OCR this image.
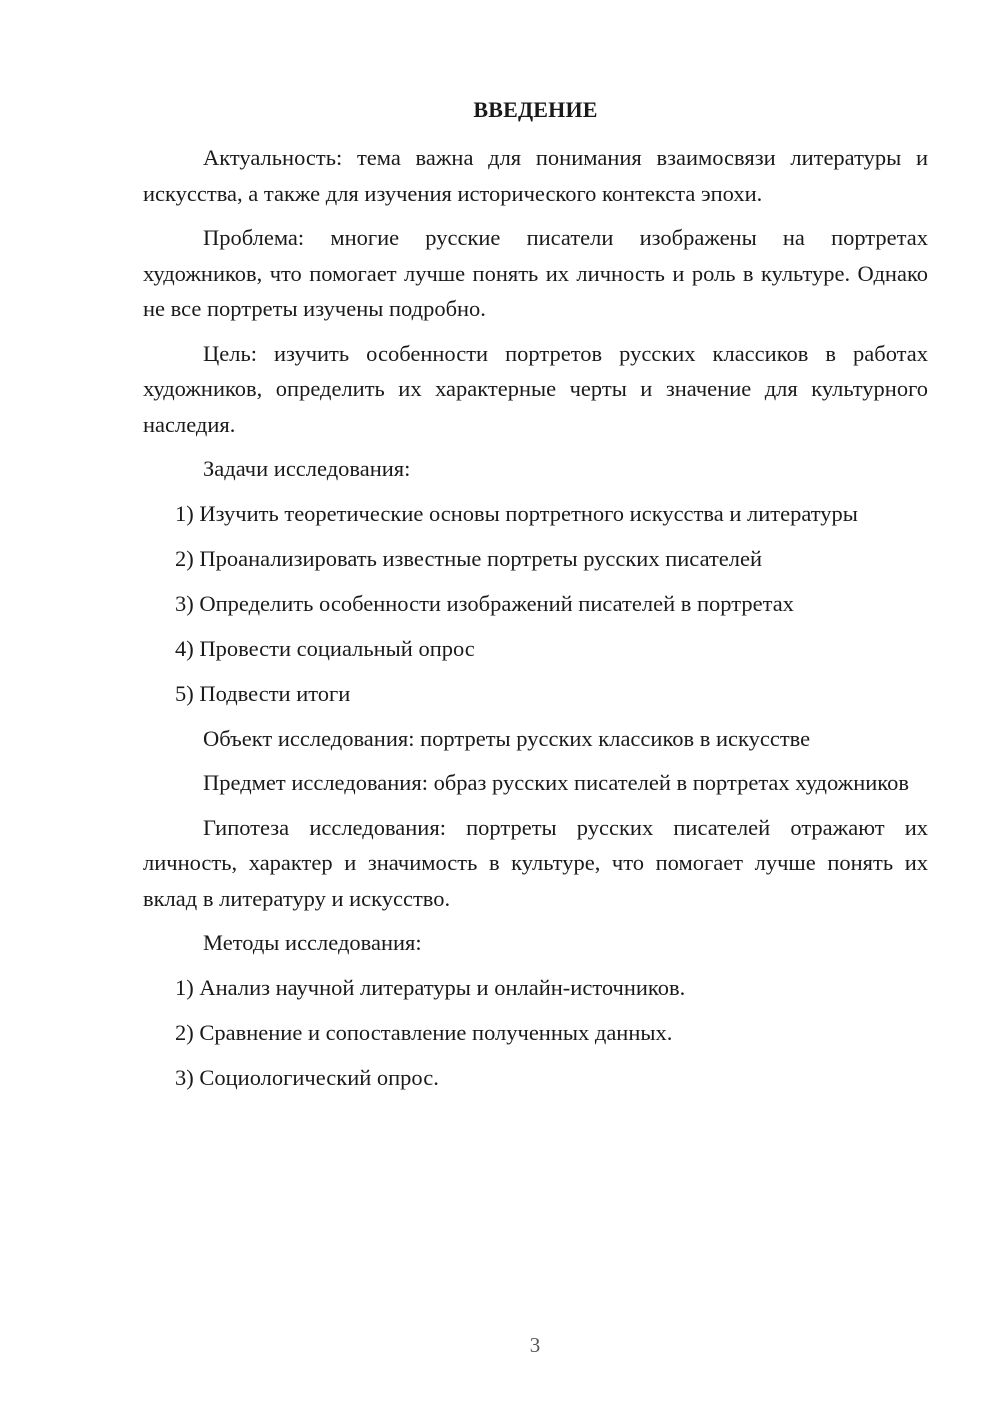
ВВЕДЕНИЕ

Актуальность: тема важна для понимания взаимосвязи литературы и искусства, а также для изучения исторического контекста эпохи.

Проблема: многие русские писатели изображены на портретах художников, что помогает лучше понять их личность и роль в культуре. Однако не все портреты изучены подробно.

Цель: изучить особенности портретов русских классиков в работах художников, определить их характерные черты и значение для культурного наследия.

Задачи исследования:

1) Изучить теоретические основы портретного искусства и литературы
2) Проанализировать известные портреты русских писателей
3) Определить особенности изображений писателей в портретах
4) Провести социальный опрос
5) Подвести итоги

Объект исследования: портреты русских классиков в искусстве

Предмет исследования: образ русских писателей в портретах художников

Гипотеза исследования: портреты русских писателей отражают их личность, характер и значимость в культуре, что помогает лучше понять их вклад в литературу и искусство.

Методы исследования:

1) Анализ научной литературы и онлайн-источников.
2) Сравнение и сопоставление полученных данных.
3) Социологический опрос.
3
